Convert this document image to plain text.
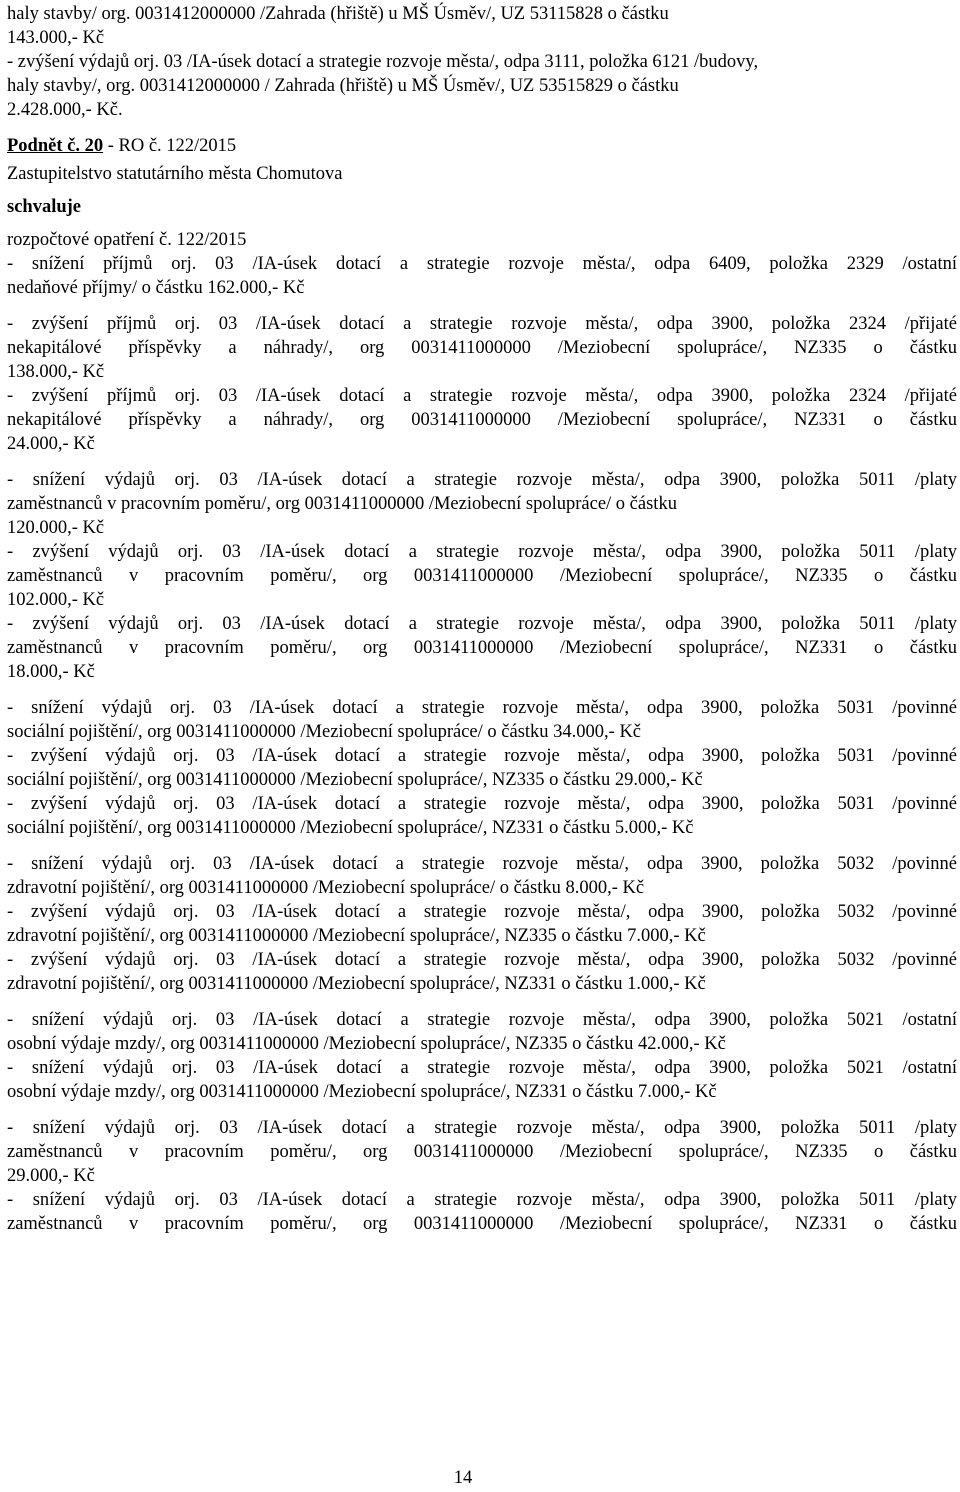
haly stavby/ org. 0031412000000 /Zahrada (hřiště) u MŠ Úsměv/, UZ 53115828 o částku
143.000,- Kč
- zvýšení výdajů orj. 03 /IA-úsek dotací a strategie rozvoje města/, odpa 3111, položka 6121 /budovy,
haly stavby/, org. 0031412000000 / Zahrada (hřiště) u MŠ Úsměv/, UZ 53515829 o částku
2.428.000,- Kč.
Podnět č. 20 - RO č. 122/2015
Zastupitelstvo statutárního města Chomutova
schvaluje
rozpočtové opatření č. 122/2015
- snížení příjmů orj. 03 /IA-úsek dotací a strategie rozvoje města/, odpa 6409, položka 2329 /ostatní
nedaňové příjmy/ o částku 162.000,- Kč
- zvýšení příjmů orj. 03 /IA-úsek dotací a strategie rozvoje města/, odpa 3900, položka 2324 /přijaté
nekapitálové příspěvky a náhrady/, org 0031411000000 /Meziobecní spolupráce/, NZ335 o částku
138.000,- Kč
- zvýšení příjmů orj. 03 /IA-úsek dotací a strategie rozvoje města/, odpa 3900, položka 2324 /přijaté
nekapitálové příspěvky a náhrady/, org 0031411000000 /Meziobecní spolupráce/, NZ331 o částku
24.000,- Kč
- snížení výdajů orj. 03 /IA-úsek dotací a strategie rozvoje města/, odpa 3900, položka 5011 /platy
zaměstnanců v pracovním poměru/, org 0031411000000 /Meziobecní spolupráce/ o částku
120.000,- Kč
- zvýšení výdajů orj. 03 /IA-úsek dotací a strategie rozvoje města/, odpa 3900, položka 5011 /platy
zaměstnanců v pracovním poměru/, org 0031411000000 /Meziobecní spolupráce/, NZ335 o částku
102.000,- Kč
- zvýšení výdajů orj. 03 /IA-úsek dotací a strategie rozvoje města/, odpa 3900, položka 5011 /platy
zaměstnanců v pracovním poměru/, org 0031411000000 /Meziobecní spolupráce/, NZ331 o částku
18.000,- Kč
- snížení výdajů orj. 03 /IA-úsek dotací a strategie rozvoje města/, odpa 3900, položka 5031 /povinné
sociální pojištění/, org 0031411000000 /Meziobecní spolupráce/ o částku 34.000,- Kč
- zvýšení výdajů orj. 03 /IA-úsek dotací a strategie rozvoje města/, odpa 3900, položka 5031 /povinné
sociální pojištění/, org 0031411000000 /Meziobecní spolupráce/, NZ335 o částku 29.000,- Kč
- zvýšení výdajů orj. 03 /IA-úsek dotací a strategie rozvoje města/, odpa 3900, položka 5031 /povinné
sociální pojištění/, org 0031411000000 /Meziobecní spolupráce/, NZ331 o částku 5.000,- Kč
- snížení výdajů orj. 03 /IA-úsek dotací a strategie rozvoje města/, odpa 3900, položka 5032 /povinné
zdravotní pojištění/, org 0031411000000 /Meziobecní spolupráce/ o částku 8.000,- Kč
- zvýšení výdajů orj. 03 /IA-úsek dotací a strategie rozvoje města/, odpa 3900, položka 5032 /povinné
zdravotní pojištění/, org 0031411000000 /Meziobecní spolupráce/, NZ335 o částku 7.000,- Kč
- zvýšení výdajů orj. 03 /IA-úsek dotací a strategie rozvoje města/, odpa 3900, položka 5032 /povinné
zdravotní pojištění/, org 0031411000000 /Meziobecní spolupráce/, NZ331 o částku 1.000,- Kč
- snížení výdajů orj. 03 /IA-úsek dotací a strategie rozvoje města/, odpa 3900, položka 5021 /ostatní
osobní výdaje mzdy/, org 0031411000000 /Meziobecní spolupráce/, NZ335 o částku 42.000,- Kč
- snížení výdajů orj. 03 /IA-úsek dotací a strategie rozvoje města/, odpa 3900, položka 5021 /ostatní
osobní výdaje mzdy/, org 0031411000000 /Meziobecní spolupráce/, NZ331 o částku 7.000,- Kč
- snížení výdajů orj. 03 /IA-úsek dotací a strategie rozvoje města/, odpa 3900, položka 5011 /platy
zaměstnanců v pracovním poměru/, org 0031411000000 /Meziobecní spolupráce/, NZ335 o částku
29.000,- Kč
- snížení výdajů orj. 03 /IA-úsek dotací a strategie rozvoje města/, odpa 3900, položka 5011 /platy
zaměstnanců v pracovním poměru/, org 0031411000000 /Meziobecní spolupráce/, NZ331 o částku
14
